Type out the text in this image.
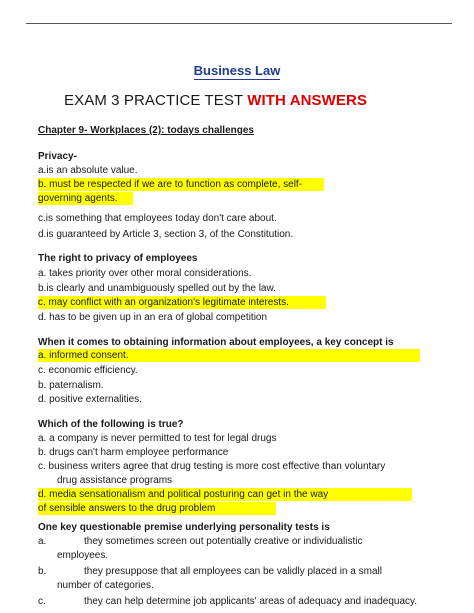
Business Law
EXAM 3 PRACTICE TEST WITH ANSWERS
Chapter 9- Workplaces (2): todays challenges
Privacy-
a.is an absolute value.
b. must be respected if we are to function as complete, self-
governing agents.
c.is something that employees today don't care about.
d.is guaranteed by Article 3, section 3, of the Constitution.
The right to privacy of employees
a. takes priority over other moral considerations.
b.is clearly and unambiguously spelled out by the law.
c. may conflict with an organization's legitimate interests.
d. has to be given up in an era of global competition
When it comes to obtaining information about employees, a key concept is
a. informed consent.
c. economic efficiency.
b. paternalism.
d. positive externalities.
Which of the following is true?
a. a company is never permitted to test for legal drugs
b. drugs can't harm employee performance
c. business writers agree that drug testing is more cost effective than voluntary
drug assistance programs
d. media sensationalism and political posturing can get in the way
of sensible answers to the drug problem
One key questionable premise underlying personality tests is
a.	they sometimes screen out potentially creative or individualistic
employees.
b.	they presuppose that all employees can be validly placed in a small
number of categories.
c.	they can help determine job applicants' areas of adequacy and inadequacy.
